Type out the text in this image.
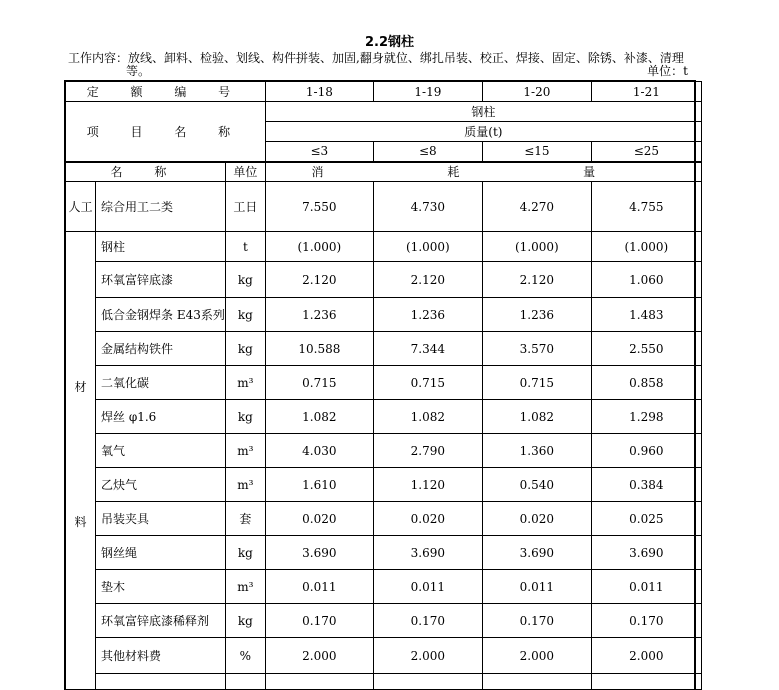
2.2钢柱
工作内容：放线、卸料、检验、划线、构件拼装、加固,翻身就位、绑扎吊装、校正、焊接、固定、除锈、补漆、清理
等。	单位：t
定 额 编 号			1-18	1-19	1-20	1-21
项 目 名 称			钢柱			
			质量(t)			
			≤3	≤8	≤15	≤25
名 称		单位	消 耗 量			
人工	综合用工二类	工日	7.550	4.730	4.270	4.755

材
料	钢柱	t	(1.000)	(1.000)	(1.000)	(1.000)
	环氧富锌底漆	kg	2.120	2.120	2.120	1.060
	低合金钢焊条 E43系列	kg	1.236	1.236	1.236	1.483
	金属结构铁件	kg	10.588	7.344	3.570	2.550
	二氧化碳	m³	0.715	0.715	0.715	0.858
	焊丝 φ1.6	kg	1.082	1.082	1.082	1.298
	氧气	m³	4.030	2.790	1.360	0.960
	乙炔气	m³	1.610	1.120	0.540	0.384
	吊装夹具	套	0.020	0.020	0.020	0.025
	钢丝绳	kg	3.690	3.690	3.690	3.690
	垫木	m³	0.011	0.011	0.011	0.011
	环氧富锌底漆稀释剂	kg	0.170	0.170	0.170	0.170
	其他材料费	%	2.000	2.000	2.000	2.000
